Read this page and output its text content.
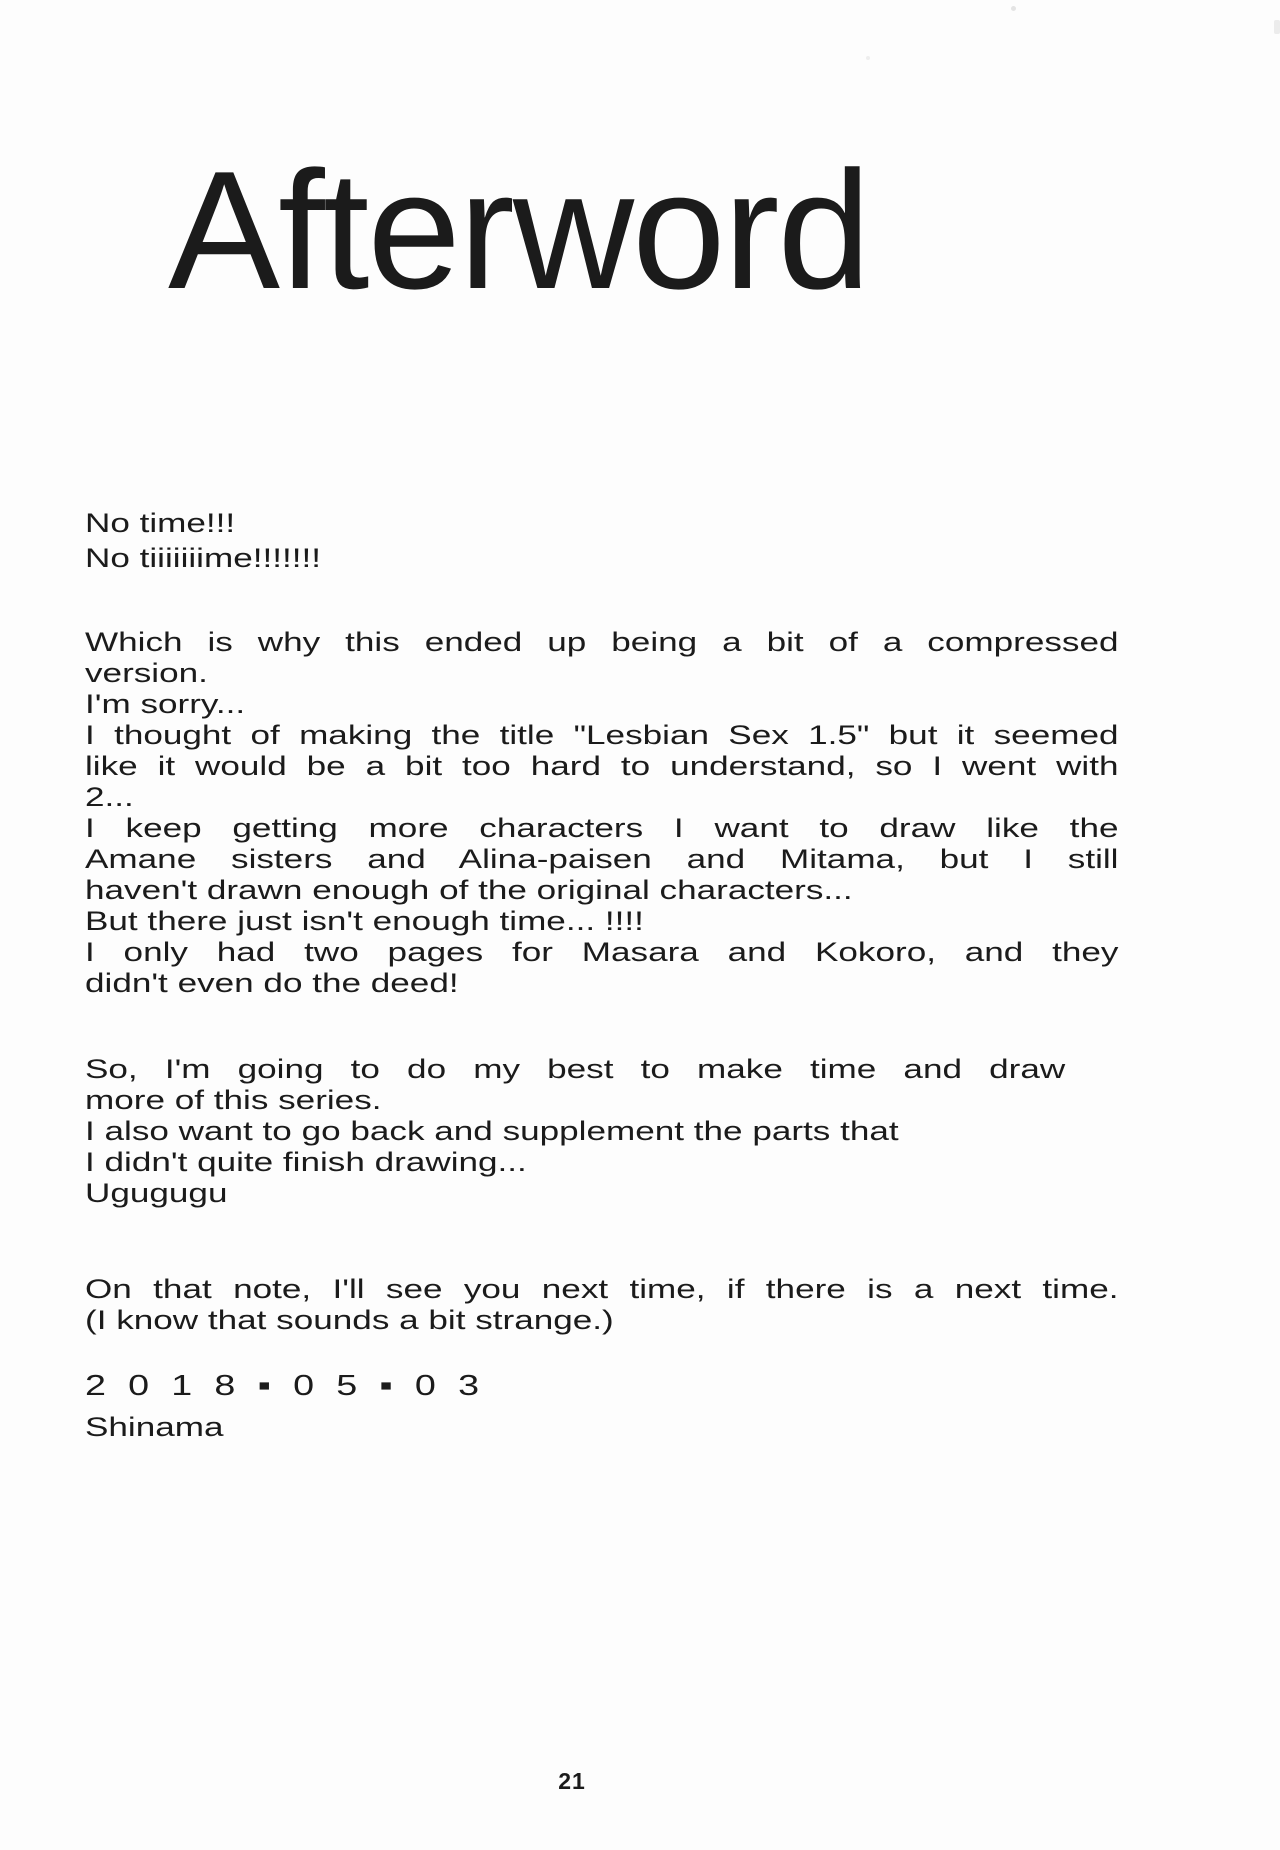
Afterword
No time!!!
No tiiiiiiime!!!!!!!
Which is why this ended up being a bit of a compressed
version.
I'm sorry...
I thought of making the title "Lesbian Sex 1.5" but it seemed
like it would be a bit too hard to understand, so I went with
2...
I keep getting more characters I want to draw like the
Amane sisters and Alina-paisen and Mitama, but I still
haven't drawn enough of the original characters...
But there just isn't enough time... !!!!
I only had two pages for Masara and Kokoro, and they
didn't even do the deed!
So, I'm going to do my best to make time and draw
more of this series.
I also want to go back and supplement the parts that
I didn't quite finish drawing...
Ugugugu
On that note, I'll see you next time, if there is a next time.
(I know that sounds a bit strange.)
2 0 1 8 ▪ 0 5 ▪ 0 3
Shinama
21
